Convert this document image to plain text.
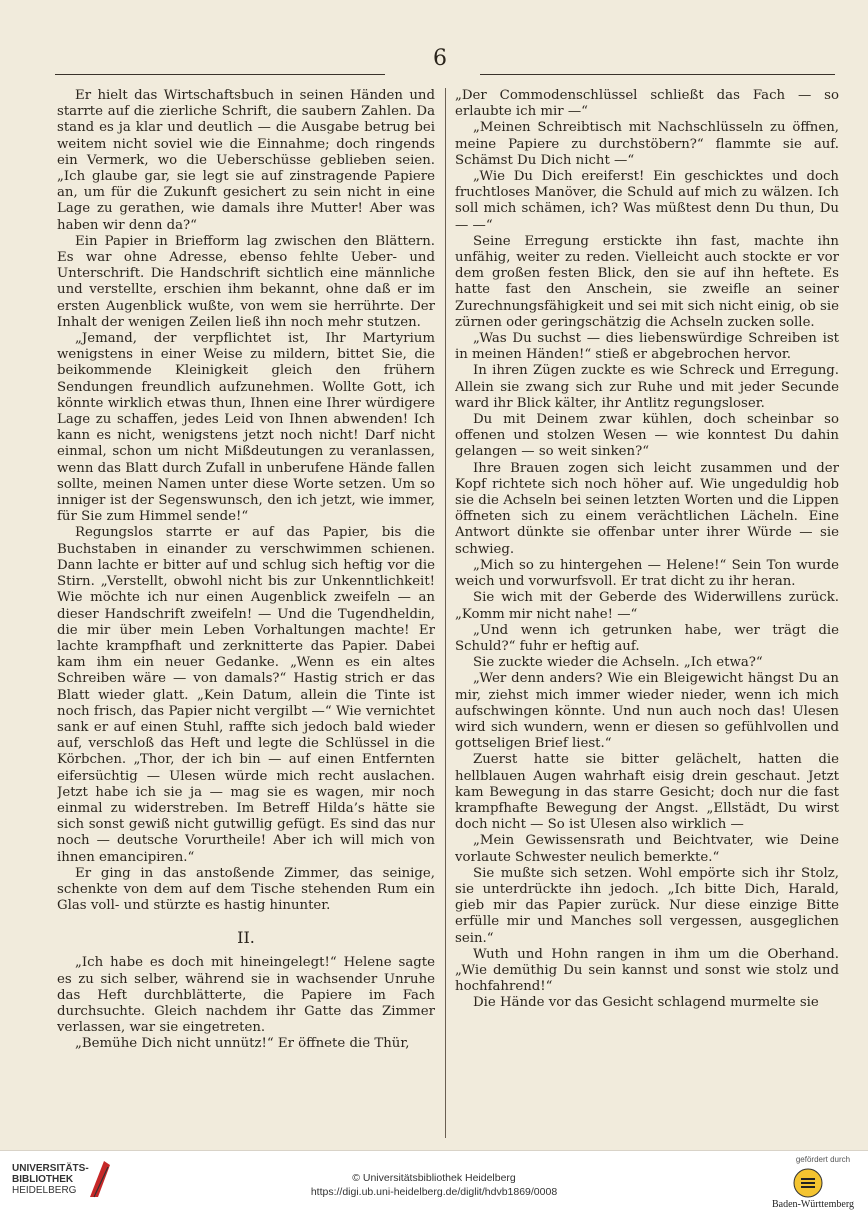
6

Er hielt das Wirtschaftsbuch in seinen Händen und starrte auf die zierliche Schrift, die saubern Zahlen. Da stand es ja klar und deutlich — die Ausgabe betrug bei weitem nicht soviel wie die Einnahme; doch ringends ein Vermerk, wo die Ueberschüsse geblieben seien. „Ich glaube gar, sie legt sie auf zinstragende Papiere an, um für die Zukunft gesichert zu sein nicht in eine Lage zu gerathen, wie damals ihre Mutter! Aber was haben wir denn da?“

Ein Papier in Briefform lag zwischen den Blättern. Es war ohne Adresse, ebenso fehlte Ueber- und Unterschrift. Die Handschrift sichtlich eine männliche und verstellte, erschien ihm bekannt, ohne daß er im ersten Augenblick wußte, von wem sie herrührte. Der Inhalt der wenigen Zeilen ließ ihn noch mehr stutzen.

„Jemand, der verpflichtet ist, Ihr Martyrium wenigstens in einer Weise zu mildern, bittet Sie, die beikommende Kleinigkeit gleich den frühern Sendungen freundlich aufzunehmen. Wollte Gott, ich könnte wirklich etwas thun, Ihnen eine Ihrer würdigere Lage zu schaffen, jedes Leid von Ihnen abwenden! Ich kann es nicht, wenigstens jetzt noch nicht! Darf nicht einmal, schon um nicht Mißdeutungen zu veranlassen, wenn das Blatt durch Zufall in unberufene Hände fallen sollte, meinen Namen unter diese Worte setzen. Um so inniger ist der Segenswunsch, den ich jetzt, wie immer, für Sie zum Himmel sende!“

Regungslos starrte er auf das Papier, bis die Buchstaben in einander zu verschwimmen schienen. Dann lachte er bitter auf und schlug sich heftig vor die Stirn. „Verstellt, obwohl nicht bis zur Unkenntlichkeit! Wie möchte ich nur einen Augenblick zweifeln — an dieser Handschrift zweifeln! — Und die Tugendheldin, die mir über mein Leben Vorhaltungen machte! Er lachte krampfhaft und zerknitterte das Papier. Dabei kam ihm ein neuer Gedanke. „Wenn es ein altes Schreiben wäre — von damals?“ Hastig strich er das Blatt wieder glatt. „Kein Datum, allein die Tinte ist noch frisch, das Papier nicht vergilbt —“ Wie vernichtet sank er auf einen Stuhl, raffte sich jedoch bald wieder auf, verschloß das Heft und legte die Schlüssel in die Körbchen. „Thor, der ich bin — auf einen Entfernten eifersüchtig — Ulesen würde mich recht auslachen. Jetzt habe ich sie ja — mag sie es wagen, mir noch einmal zu widerstreben. Im Betreff Hilda’s hätte sie sich sonst gewiß nicht gutwillig gefügt. Es sind das nur noch — deutsche Vorurtheile! Aber ich will mich von ihnen emancipiren.“

Er ging in das anstoßende Zimmer, das seinige, schenkte von dem auf dem Tische stehenden Rum ein Glas voll- und stürzte es hastig hinunter.

II.

„Ich habe es doch mit hineingelegt!“ Helene sagte es zu sich selber, während sie in wachsender Unruhe das Heft durchblätterte, die Papiere im Fach durchsuchte. Gleich nachdem ihr Gatte das Zimmer verlassen, war sie eingetreten.

„Bemühe Dich nicht unnütz!“ Er öffnete die Thür,

„Der Commodenschlüssel schließt das Fach — so erlaubte ich mir —“

„Meinen Schreibtisch mit Nachschlüsseln zu öffnen, meine Papiere zu durchstöbern?“ flammte sie auf. Schämst Du Dich nicht —“

„Wie Du Dich ereiferst! Ein geschicktes und doch fruchtloses Manöver, die Schuld auf mich zu wälzen. Ich soll mich schämen, ich? Was müßtest denn Du thun, Du — —“

Seine Erregung erstickte ihn fast, machte ihn unfähig, weiter zu reden. Vielleicht auch stockte er vor dem großen festen Blick, den sie auf ihn heftete. Es hatte fast den Anschein, sie zweifle an seiner Zurechnungsfähigkeit und sei mit sich nicht einig, ob sie zürnen oder geringschätzig die Achseln zucken solle.

„Was Du suchst — dies liebenswürdige Schreiben ist in meinen Händen!“ stieß er abgebrochen hervor.

In ihren Zügen zuckte es wie Schreck und Erregung. Allein sie zwang sich zur Ruhe und mit jeder Secunde ward ihr Blick kälter, ihr Antlitz regungsloser.

Du mit Deinem zwar kühlen, doch scheinbar so offenen und stolzen Wesen — wie konntest Du dahin gelangen — so weit sinken?“

Ihre Brauen zogen sich leicht zusammen und der Kopf richtete sich noch höher auf. Wie ungeduldig hob sie die Achseln bei seinen letzten Worten und die Lippen öffneten sich zu einem verächtlichen Lächeln. Eine Antwort dünkte sie offenbar unter ihrer Würde — sie schwieg.

„Mich so zu hintergehen — Helene!“ Sein Ton wurde weich und vorwurfsvoll. Er trat dicht zu ihr heran.

Sie wich mit der Geberde des Widerwillens zurück. „Komm mir nicht nahe! —“

„Und wenn ich getrunken habe, wer trägt die Schuld?“ fuhr er heftig auf.

Sie zuckte wieder die Achseln. „Ich etwa?“

„Wer denn anders? Wie ein Bleigewicht hängst Du an mir, ziehst mich immer wieder nieder, wenn ich mich aufschwingen könnte. Und nun auch noch das! Ulesen wird sich wundern, wenn er diesen so gefühlvollen und gottseligen Brief liest.“

Zuerst hatte sie bitter gelächelt, hatten die hellblauen Augen wahrhaft eisig drein geschaut. Jetzt kam Bewegung in das starre Gesicht; doch nur die fast krampfhafte Bewegung der Angst. „Ellstädt, Du wirst doch nicht — So ist Ulesen also wirklich —

„Mein Gewissensrath und Beichtvater, wie Deine vorlaute Schwester neulich bemerkte.“

Sie mußte sich setzen. Wohl empörte sich ihr Stolz, sie unterdrückte ihn jedoch. „Ich bitte Dich, Harald, gieb mir das Papier zurück. Nur diese einzige Bitte erfülle mir und Manches soll vergessen, ausgeglichen sein.“

Wuth und Hohn rangen in ihm um die Oberhand. „Wie demüthig Du sein kannst und sonst wie stolz und hochfahrend!“

Die Hände vor das Gesicht schlagend murmelte sie

UNIVERSITÄTS-
BIBLIOTHEK
HEIDELBERG
© Universitätsbibliothek Heidelberg
https://digi.ub.uni-heidelberg.de/diglit/hdvb1869/0008
gefördert durch
Baden-Württemberg
